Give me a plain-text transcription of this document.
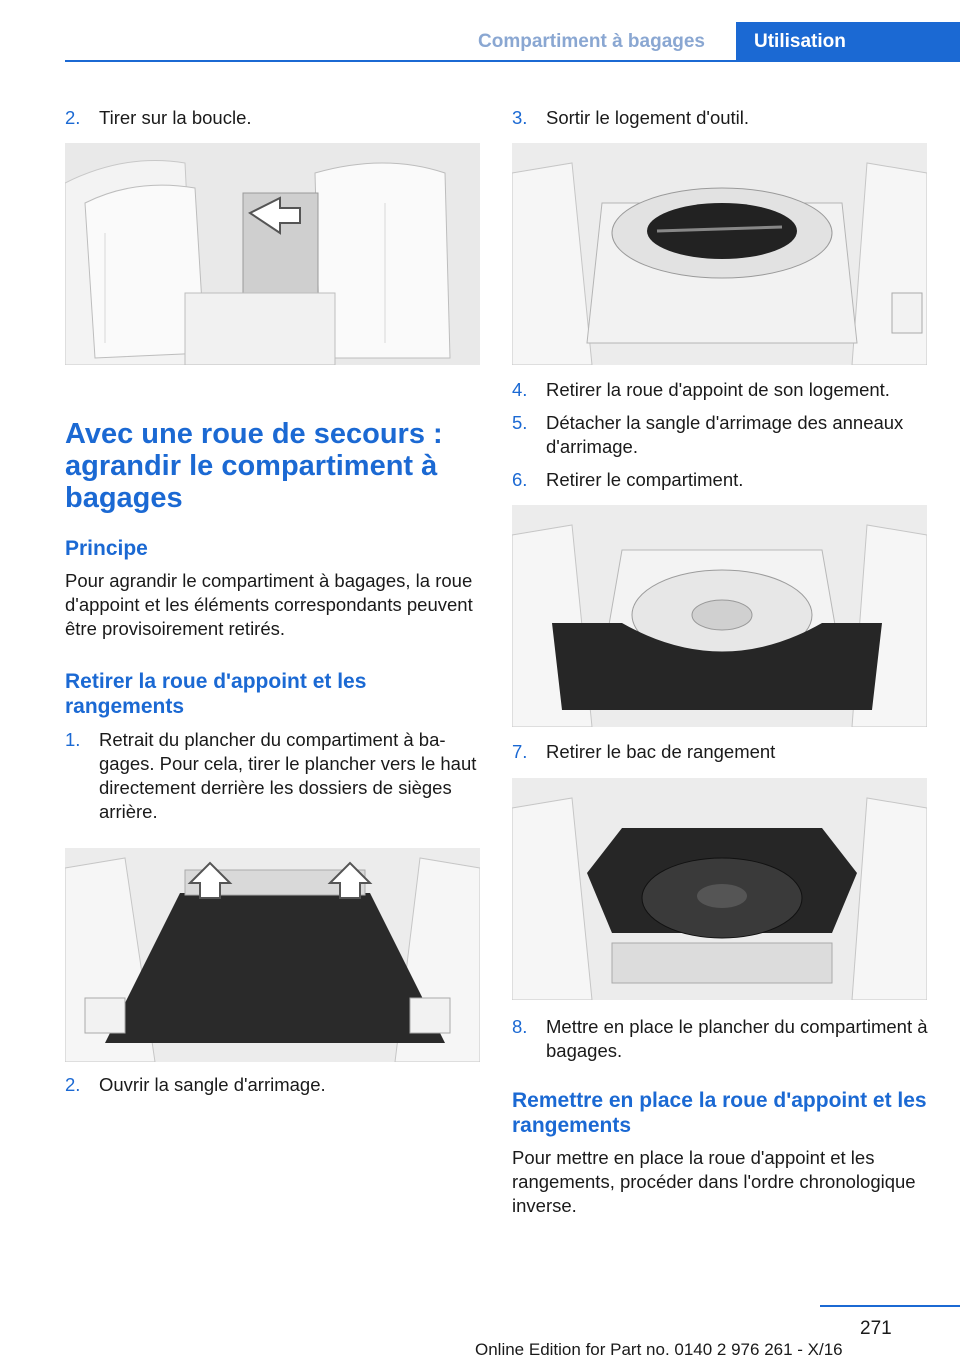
Compartiment à bagages	Utilisation
2.	Tirer sur la boucle.
Avec une roue de secours : agrandir le compartiment à bagages
Principe

Pour agrandir le compartiment à bagages, la roue d'appoint et les éléments correspondants peuvent être provisoirement retirés.

Retirer la roue d'appoint et les rangements
1.	Retrait du plancher du compartiment à bagages. Pour cela, tirer le plancher vers le haut directement derrière les dossiers de sièges arrière.
2.	Ouvrir la sangle d'arrimage.
3.	Sortir le logement d'outil.
4.	Retirer la roue d'appoint de son logement.
5.	Détacher la sangle d'arrimage des anneaux d'arrimage.
6.	Retirer le compartiment.
7.	Retirer le bac de rangement
8.	Mettre en place le plancher du compartiment à bagages.
Remettre en place la roue d'appoint et les rangements

Pour mettre en place la roue d'appoint et les rangements, procéder dans l'ordre chronologique inverse.

271
Online Edition for Part no. 0140 2 976 261 - X/16
